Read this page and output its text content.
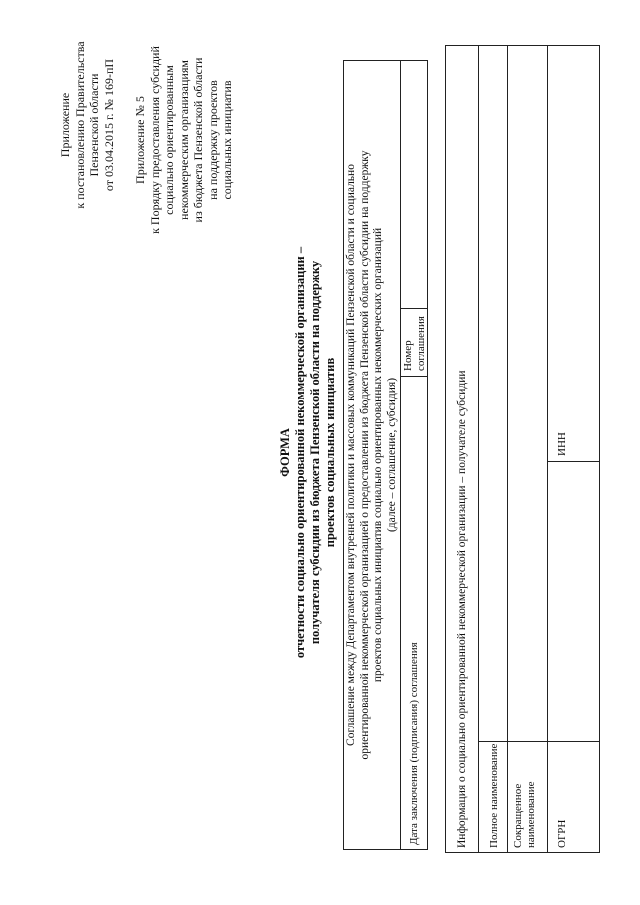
Приложение к постановлению Правительства Пензенской области от 03.04.2015 г. № 169-пП Приложение № 5 к Порядку предоставления субсидий социально ориентированным некоммерческим организациям из бюджета Пензенской области на поддержку проектов социальных инициатив
ФОРМА отчетности социально ориентированной некоммерческой организации – получателя субсидии из бюджета Пензенской области на поддержку проектов социальных инициатив Соглашение между Департаментом внутренней политики и массовых коммуникаций Пензенской области и социально ориентированной некоммерческой организацией о предоставлении из бюджета Пензенской области субсидии на поддержку проектов социальных инициатив социально ориентированных некоммерческих организаций (далее – соглашение, субсидия)
Дата заключения (подписания) соглашения
Номер соглашения
Информация о социально ориентированной некоммерческой организации – получателе субсидии Полное наименование Сокращенное наименование ОГРН
ИНН
